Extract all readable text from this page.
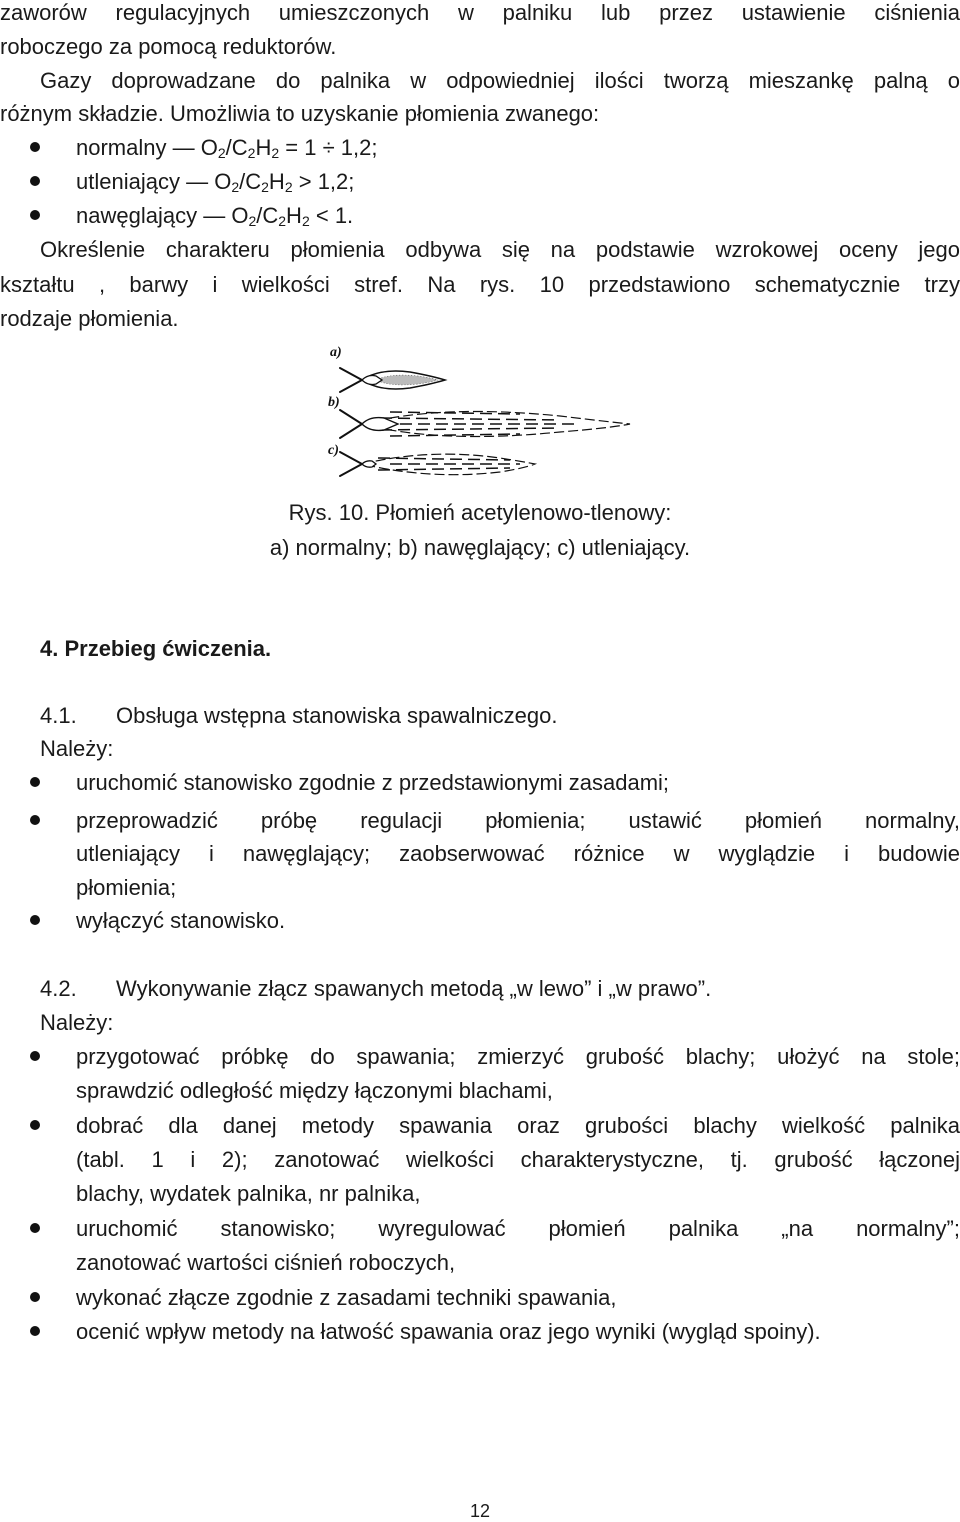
zaworów regulacyjnych umieszczonych w palniku lub przez ustawienie ciśnienia
roboczego za pomocą reduktorów.
Gazy doprowadzane do palnika w odpowiedniej ilości tworzą mieszankę palną o
różnym składzie. Umożliwia to uzyskanie płomienia zwanego:
normalny — $O_2/C_2H_2 = 1 \div 1,2$;
utleniający — $O_2/C_2H_2 > 1,2$;
nawęglający — $O_2/C_2H_2 < 1$.
Określenie charakteru płomienia odbywa się na podstawie wzrokowej oceny jego
kształtu , barwy i wielkości stref. Na rys. 10 przedstawiono schematycznie trzy
rodzaje płomienia.
a)
b)
c)
Rys. 10. Płomień acetylenowo-tlenowy:
a) normalny; b) nawęglający; c) utleniający.
4. Przebieg ćwiczenia.
4.1. Obsługa wstępna stanowiska spawalniczego.
Należy:
uruchomić stanowisko zgodnie z przedstawionymi zasadami;
przeprowadzić próbę regulacji płomienia; ustawić płomień normalny,
utleniający i nawęglający; zaobserwować różnice w wyglądzie i budowie
płomienia;
wyłączyć stanowisko.
4.2. Wykonywanie złącz spawanych metodą „w lewo” i „w prawo”.
Należy:
przygotować próbkę do spawania; zmierzyć grubość blachy; ułożyć na stole;
sprawdzić odległość między łączonymi blachami,
dobrać dla danej metody spawania oraz grubości blachy wielkość palnika
(tabl. 1 i 2); zanotować wielkości charakterystyczne, tj. grubość łączonej
blachy, wydatek palnika, nr palnika,
uruchomić stanowisko; wyregulować płomień palnika „na normalny”;
zanotować wartości ciśnień roboczych,
wykonać złącze zgodnie z zasadami techniki spawania,
ocenić wpływ metody na łatwość spawania oraz jego wyniki (wygląd spoiny).
12
